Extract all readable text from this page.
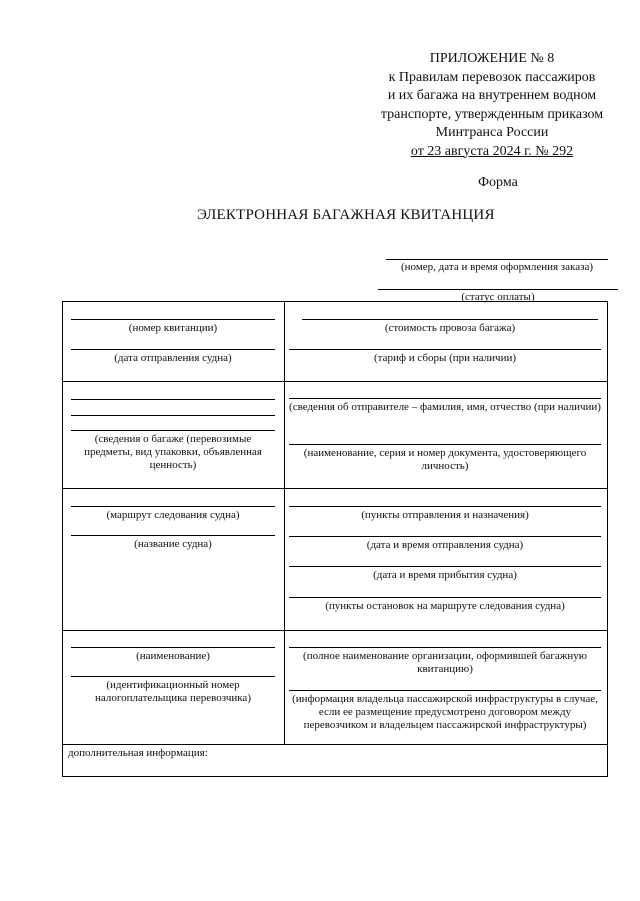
ПРИЛОЖЕНИЕ № 8
к Правилам перевозок пассажиров
и их багажа на внутреннем водном
транспорте, утвержденным приказом
Минтранса России
от 23 августа 2024 г. № 292
Форма
ЭЛЕКТРОННАЯ БАГАЖНАЯ КВИТАНЦИЯ
(номер, дата и время оформления заказа)
(статус оплаты)
(номер квитанции)
(дата отправления судна)
(стоимость провоза багажа)
(тариф и сборы (при наличии)
(сведения о багаже (перевозимые предметы, вид упаковки, объявленная ценность)
(сведения об отправителе – фамилия, имя, отчество (при наличии)
(наименование, серия и номер документа, удостоверяющего личность)
(маршрут следования судна)
(название судна)
(пункты отправления и назначения)
(дата и время отправления судна)
(дата и время прибытия судна)
(пункты остановок на маршруте следования судна)
(наименование)
(идентификационный номер налогоплательщика перевозчика)
(полное наименование организации, оформившей багажную квитанцию)
(информация владельца пассажирской инфраструктуры в случае, если ее размещение предусмотрено договором между перевозчиком и владельцем пассажирской инфраструктуры)
дополнительная информация:
